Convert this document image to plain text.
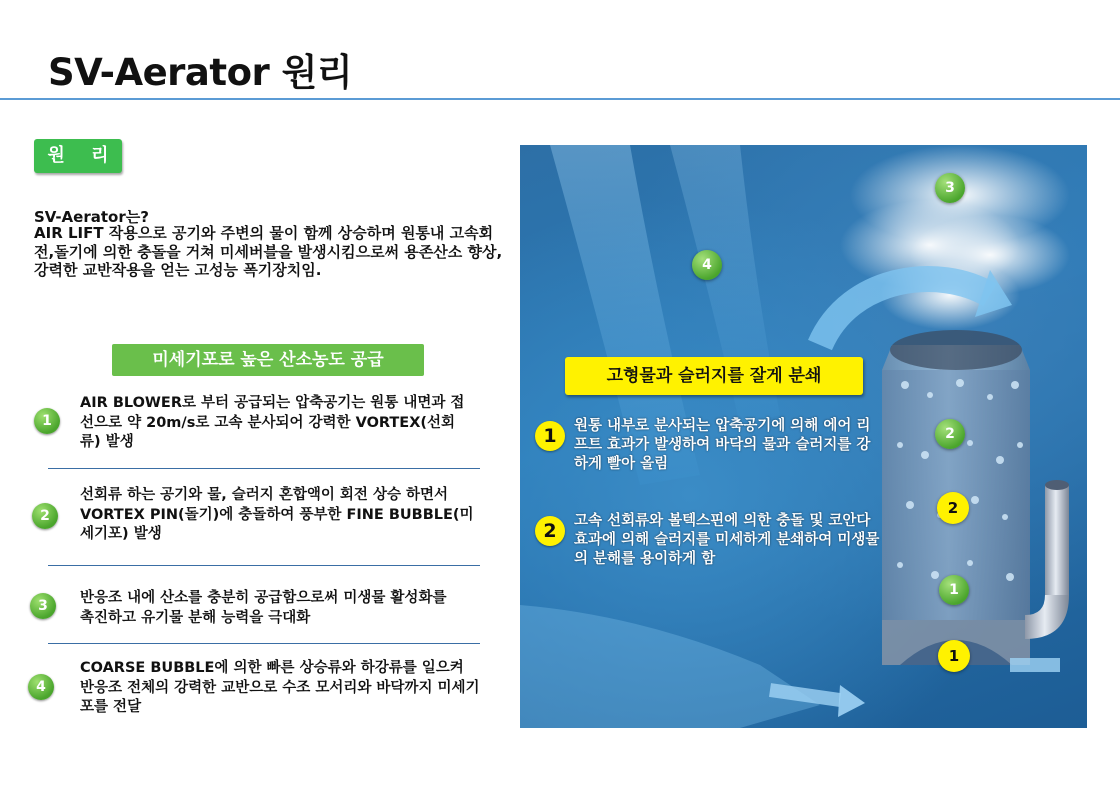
SV-Aerator 원리
원 리
SV-Aerator는?
AIR LIFT 작용으로 공기와 주변의 물이 함께 상승하며 원통내 고속회전,돌기에 의한 충돌을 거쳐 미세버블을 발생시킴으로써 용존산소 향상, 강력한 교반작용을 얻는 고성능 폭기장치임.
미세기포로 높은 산소농도 공급
1
AIR BLOWER로 부터 공급되는 압축공기는 원통 내면과 접선으로 약 20m/s로 고속 분사되어 강력한 VORTEX(선회류) 발생
2
선회류 하는 공기와 물, 슬러지 혼합액이 회전 상승 하면서 VORTEX PIN(돌기)에 충돌하여 풍부한 FINE BUBBLE(미세기포) 발생
3	반응조 내에 산소를 충분히 공급함으로써 미생물 활성화를 촉진하고 유기물 분해 능력을 극대화
4
COARSE BUBBLE에 의한 빠른 상승류와 하강류를 일으켜 반응조 전체의 강력한 교반으로 수조 모서리와 바닥까지 미세기포를 전달
고형물과 슬러지를 잘게 분쇄
1	원통 내부로 분사되는 압축공기에 의해 에어 리프트 효과가 발생하여 바닥의 물과 슬러지를 강하게 빨아 올림
2	고속 선회류와 볼텍스핀에 의한 충돌 및 코안다효과에 의해 슬러지를 미세하게 분쇄하여 미생물의 분해를 용이하게 함
3
4
2
2
1
1
